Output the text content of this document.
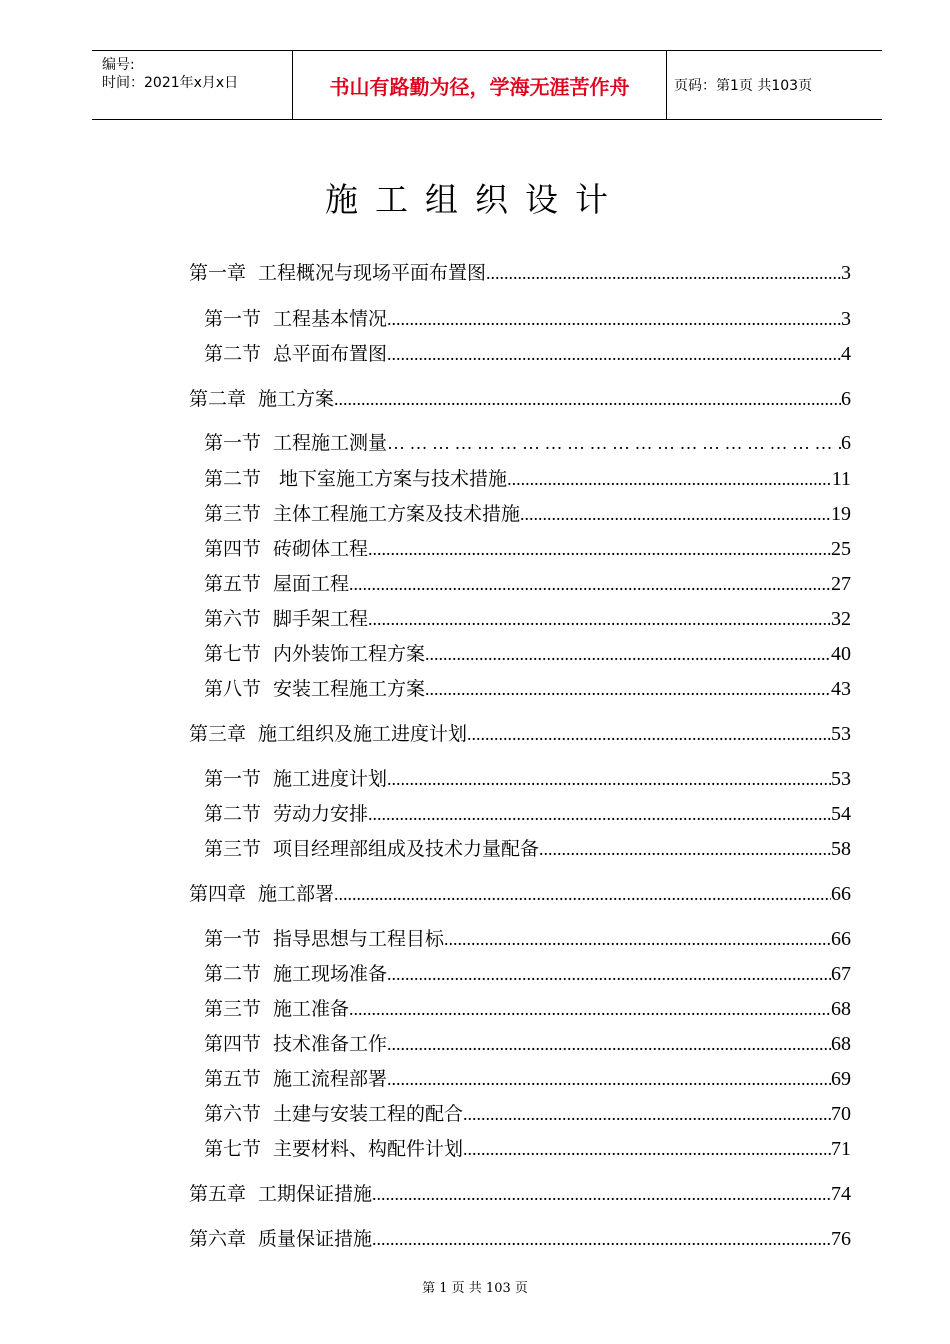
编号:
时间：2021年x月x日	书山有路勤为径，学海无涯苦作舟	页码：第1页 共103页
施工组织设计
第一章 工程概况与现场平面布置图 .....	3
第一节 工程基本情况 .....	3
第二节 总平面布置图 .....	4
第二章 施工方案 .....	6
第一节 工程施工测量 … … … … … … … … … … … … … … … … … … … … … … … … … … … … … … … … … … … … … … … … … … … … … …	6
第二节 地下室施工方案与技术措施 .....	11
第三节 主体工程施工方案及技术措施 .....	19
第四节 砖砌体工程 .....	25
第五节 屋面工程 .....	27
第六节 脚手架工程 .....	32
第七节 内外装饰工程方案 .....	40
第八节 安装工程施工方案 .....	43
第三章 施工组织及施工进度计划 .....	53
第一节 施工进度计划 .....	53
第二节 劳动力安排 .....	54
第三节 项目经理部组成及技术力量配备 .....	58
第四章 施工部署 .....	66
第一节 指导思想与工程目标 .....	66
第二节 施工现场准备 .....	67
第三节 施工准备 .....	68
第四节 技术准备工作 .....	68
第五节 施工流程部署 .....	69
第六节 土建与安装工程的配合 .....	70
第七节 主要材料、构配件计划 .....	71
第五章 工期保证措施 .....	74
第六章 质量保证措施 .....	76
第 1 页 共 103 页
